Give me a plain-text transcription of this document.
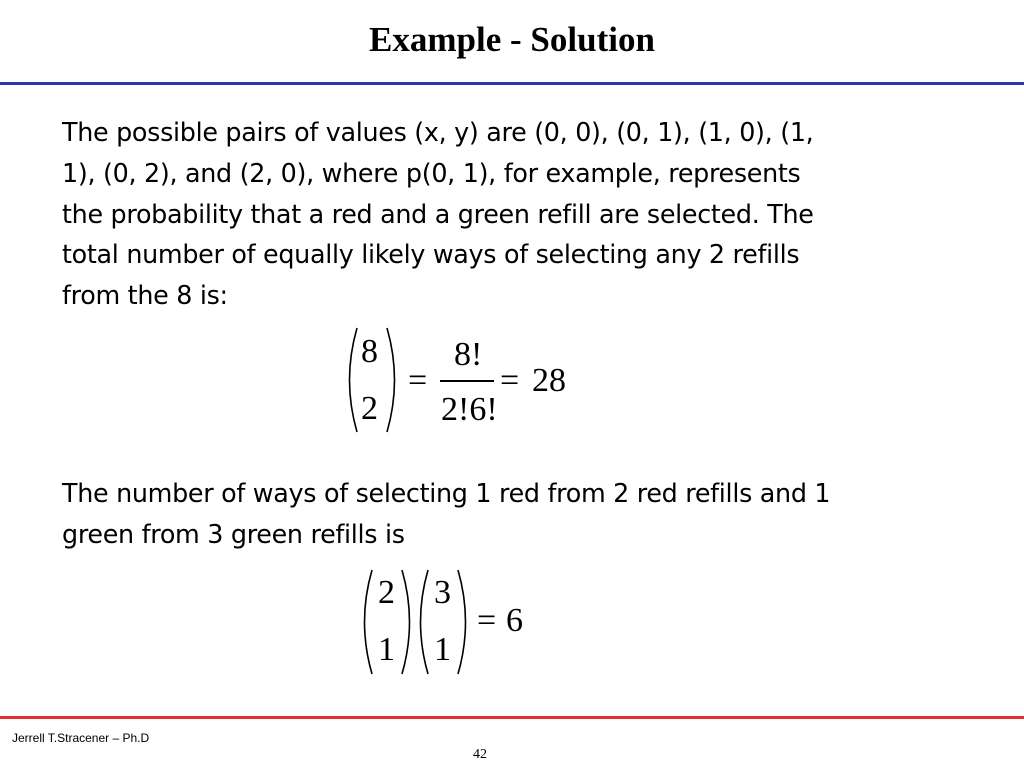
Example - Solution
The possible pairs of values (x, y) are (0, 0), (0, 1), (1, 0), (1,
1), (0, 2), and (2, 0), where p(0, 1), for example, represents
the probability that a red and a green refill are selected. The
total number of equally likely ways of selecting any 2 refills
from the 8 is:
8
2
=
8!
2!6!
= 28
The number of ways of selecting 1 red from 2 red refills and 1
green from 3 green refills is
2
1
3
1
= 6
Jerrell T.Stracener – Ph.D
42
